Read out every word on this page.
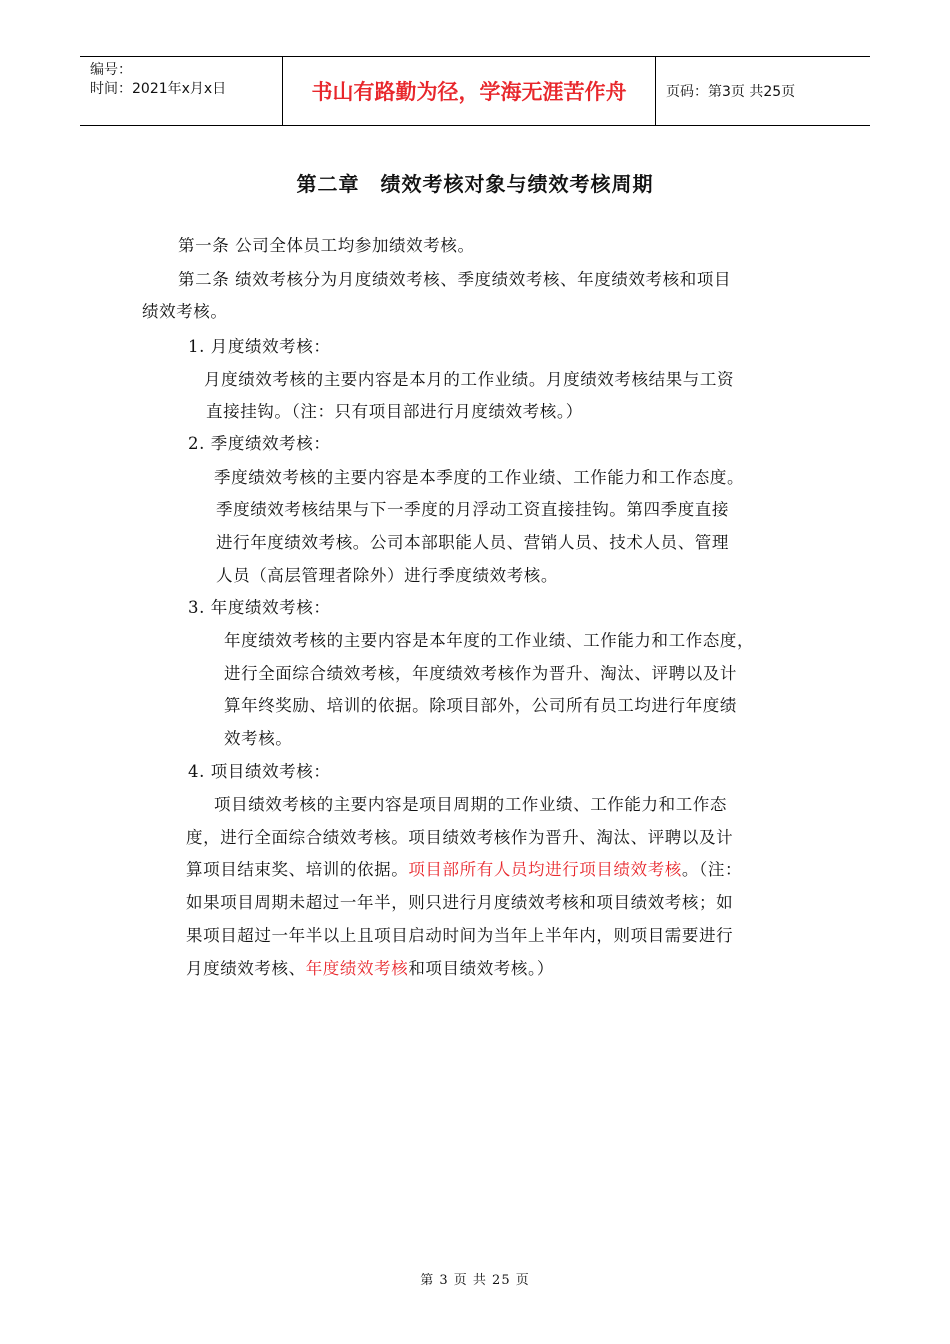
编号：
时间：2021年x月x日	书山有路勤为径，学海无涯苦作舟	页码：第3页 共25页
第二章　绩效考核对象与绩效考核周期
第一条 公司全体员工均参加绩效考核。
第二条 绩效考核分为月度绩效考核、季度绩效考核、年度绩效考核和项目
绩效考核。
1. 月度绩效考核：
月度绩效考核的主要内容是本月的工作业绩。月度绩效考核结果与工资
直接挂钩。（注：只有项目部进行月度绩效考核。）
2. 季度绩效考核：
季度绩效考核的主要内容是本季度的工作业绩、工作能力和工作态度。
季度绩效考核结果与下一季度的月浮动工资直接挂钩。第四季度直接
进行年度绩效考核。公司本部职能人员、营销人员、技术人员、管理
人员（高层管理者除外）进行季度绩效考核。
3. 年度绩效考核：
年度绩效考核的主要内容是本年度的工作业绩、工作能力和工作态度，
进行全面综合绩效考核，年度绩效考核作为晋升、淘汰、评聘以及计
算年终奖励、培训的依据。除项目部外，公司所有员工均进行年度绩
效考核。
4. 项目绩效考核：
项目绩效考核的主要内容是项目周期的工作业绩、工作能力和工作态
度，进行全面综合绩效考核。项目绩效考核作为晋升、淘汰、评聘以及计
算项目结束奖、培训的依据。项目部所有人员均进行项目绩效考核。（注：
如果项目周期未超过一年半，则只进行月度绩效考核和项目绩效考核；如
果项目超过一年半以上且项目启动时间为当年上半年内，则项目需要进行
月度绩效考核、年度绩效考核和项目绩效考核。）
第 3 页 共 25 页
